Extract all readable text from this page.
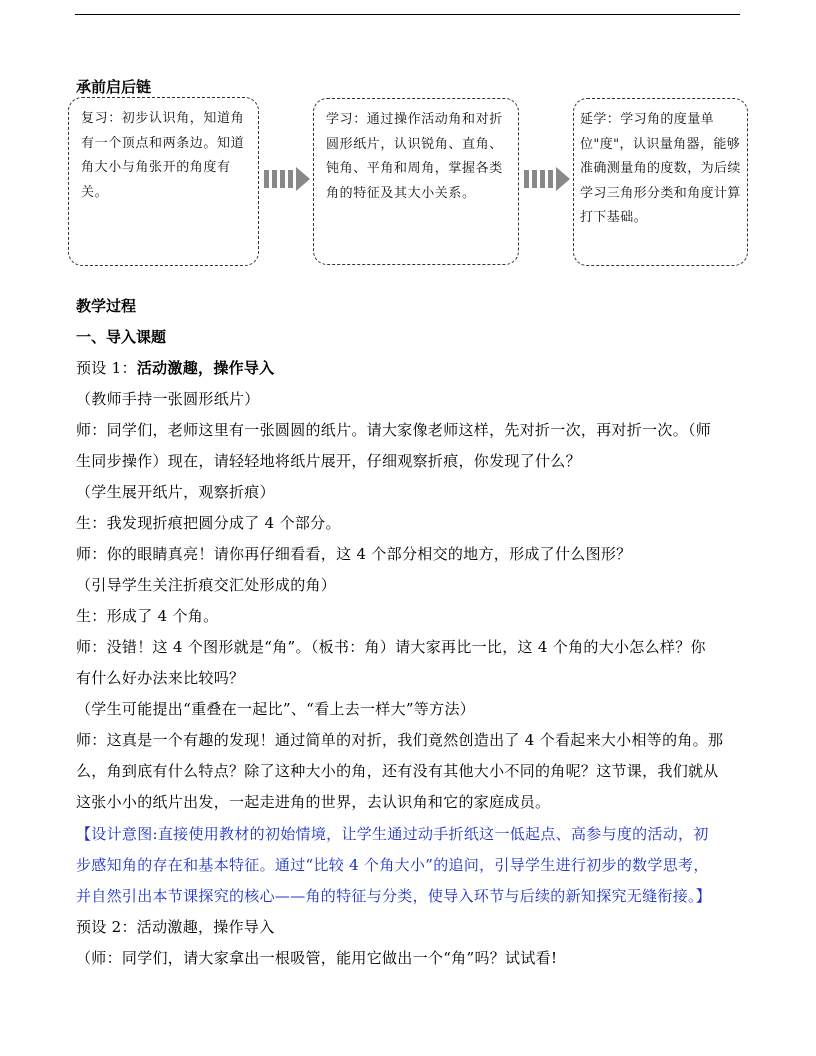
承前启后链
复习：初步认识角，知道角有一个顶点和两条边。知道角大小与角张开的角度有关。
学习：通过操作活动角和对折圆形纸片，认识锐角、直角、钝角、平角和周角，掌握各类角的特征及其大小关系。
延学：学习角的度量单位"度"，认识量角器，能够准确测量角的度数，为后续学习三角形分类和角度计算打下基础。
教学过程
一、导入课题
预设 1：活动激趣，操作导入
（教师手持一张圆形纸片）
师：同学们，老师这里有一张圆圆的纸片。请大家像老师这样，先对折一次，再对折一次。（师
生同步操作）现在，请轻轻地将纸片展开，仔细观察折痕，你发现了什么？
（学生展开纸片，观察折痕）
生：我发现折痕把圆分成了 4 个部分。
师：你的眼睛真亮！请你再仔细看看，这 4 个部分相交的地方，形成了什么图形？
（引导学生关注折痕交汇处形成的角）
生：形成了 4 个角。
师：没错！这 4 个图形就是“角”。（板书：角）请大家再比一比，这 4 个角的大小怎么样？你
有什么好办法来比较吗？
（学生可能提出“重叠在一起比”、“看上去一样大”等方法）
师：这真是一个有趣的发现！通过简单的对折，我们竟然创造出了 4 个看起来大小相等的角。那
么，角到底有什么特点？除了这种大小的角，还有没有其他大小不同的角呢？这节课，我们就从
这张小小的纸片出发，一起走进角的世界，去认识角和它的家庭成员。
【设计意图:直接使用教材的初始情境，让学生通过动手折纸这一低起点、高参与度的活动，初
步感知角的存在和基本特征。通过“比较 4 个角大小”的追问，引导学生进行初步的数学思考，
并自然引出本节课探究的核心——角的特征与分类，使导入环节与后续的新知探究无缝衔接。】
预设 2：活动激趣，操作导入
（师：同学们，请大家拿出一根吸管，能用它做出一个“角”吗？试试看!
